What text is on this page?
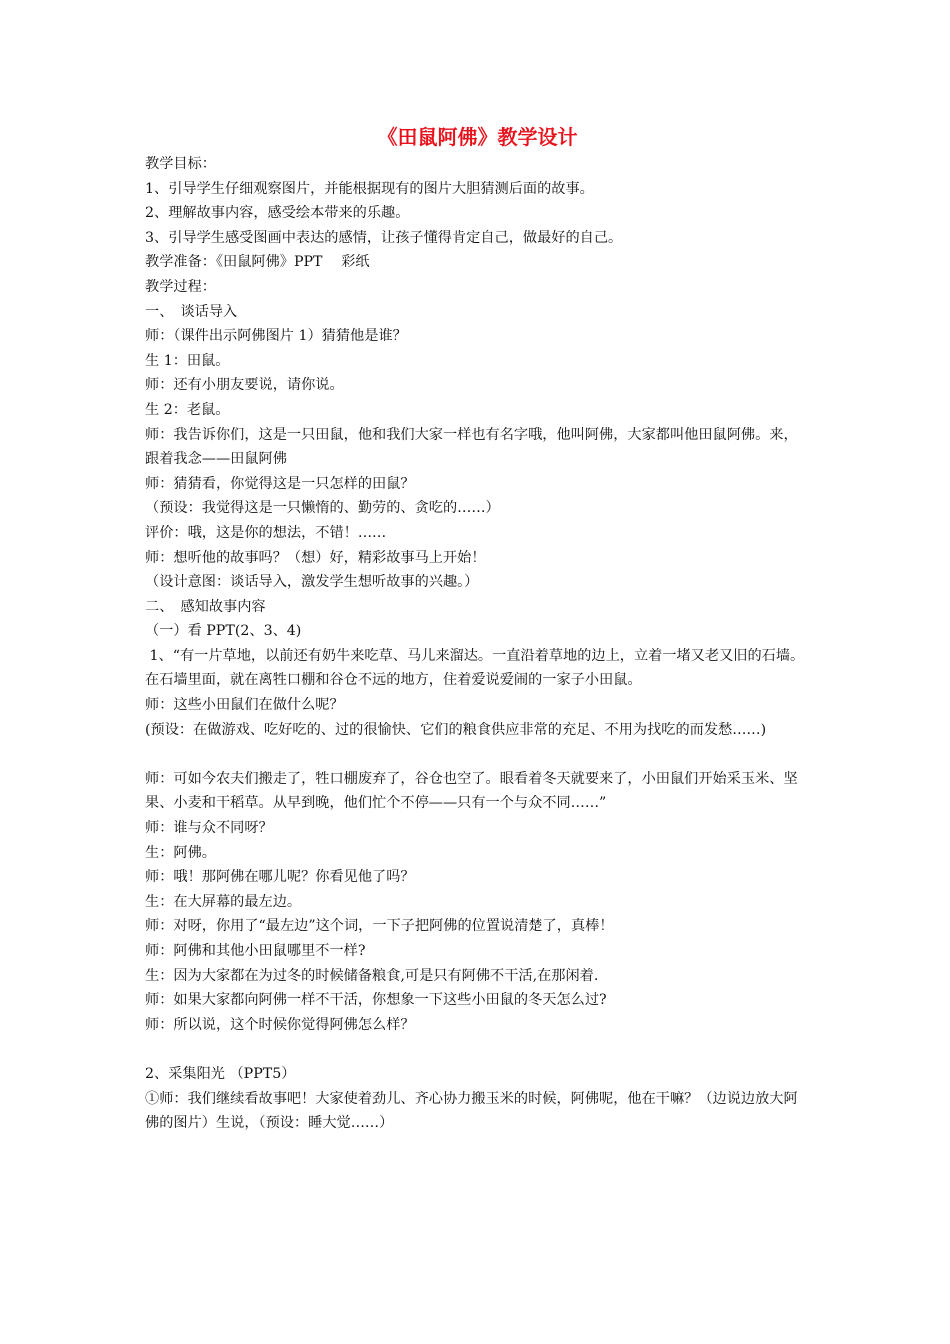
《田鼠阿佛》教学设计

教学目标：

1、引导学生仔细观察图片，并能根据现有的图片大胆猜测后面的故事。

2、理解故事内容，感受绘本带来的乐趣。

3、引导学生感受图画中表达的感情，让孩子懂得肯定自己，做最好的自己。

教学准备：《田鼠阿佛》PPT　 彩纸

教学过程：

一、　谈话导入

师：（课件出示阿佛图片 1）猜猜他是谁？

生 1：田鼠。

师：还有小朋友要说，请你说。

生 2：老鼠。

师：我告诉你们，这是一只田鼠，他和我们大家一样也有名字哦，他叫阿佛，大家都叫他田鼠阿佛。来，跟着我念——田鼠阿佛

师：猜猜看，你觉得这是一只怎样的田鼠？

（预设：我觉得这是一只懒惰的、勤劳的、贪吃的……）

评价：哦，这是你的想法，不错！……

师：想听他的故事吗？（想）好，精彩故事马上开始！

（设计意图：谈话导入，激发学生想听故事的兴趣。）

二、　感知故事内容

（一）看 PPT(2、3、4)

1、“有一片草地，以前还有奶牛来吃草、马儿来溜达。一直沿着草地的边上，立着一堵又老又旧的石墙。在石墙里面，就在离牲口棚和谷仓不远的地方，住着爱说爱闹的一家子小田鼠。

师：这些小田鼠们在做什么呢？

(预设：在做游戏、吃好吃的、过的很愉快、它们的粮食供应非常的充足、不用为找吃的而发愁……)

师：可如今农夫们搬走了，牲口棚废弃了，谷仓也空了。眼看着冬天就要来了，小田鼠们开始采玉米、坚果、小麦和干稻草。从早到晚，他们忙个不停——只有一个与众不同……”

师：谁与众不同呀？

生：阿佛。

师：哦！那阿佛在哪儿呢？你看见他了吗？

生：在大屏幕的最左边。

师：对呀，你用了“最左边”这个词，一下子把阿佛的位置说清楚了，真棒！

师：阿佛和其他小田鼠哪里不一样?

生：因为大家都在为过冬的时候储备粮食,可是只有阿佛不干活,在那闲着.

师：如果大家都向阿佛一样不干活，你想象一下这些小田鼠的冬天怎么过?

师：所以说，这个时候你觉得阿佛怎么样？

2、采集阳光 （PPT5）

①师：我们继续看故事吧！大家使着劲儿、齐心协力搬玉米的时候，阿佛呢，他在干嘛？（边说边放大阿佛的图片）生说，（预设：睡大觉……）
